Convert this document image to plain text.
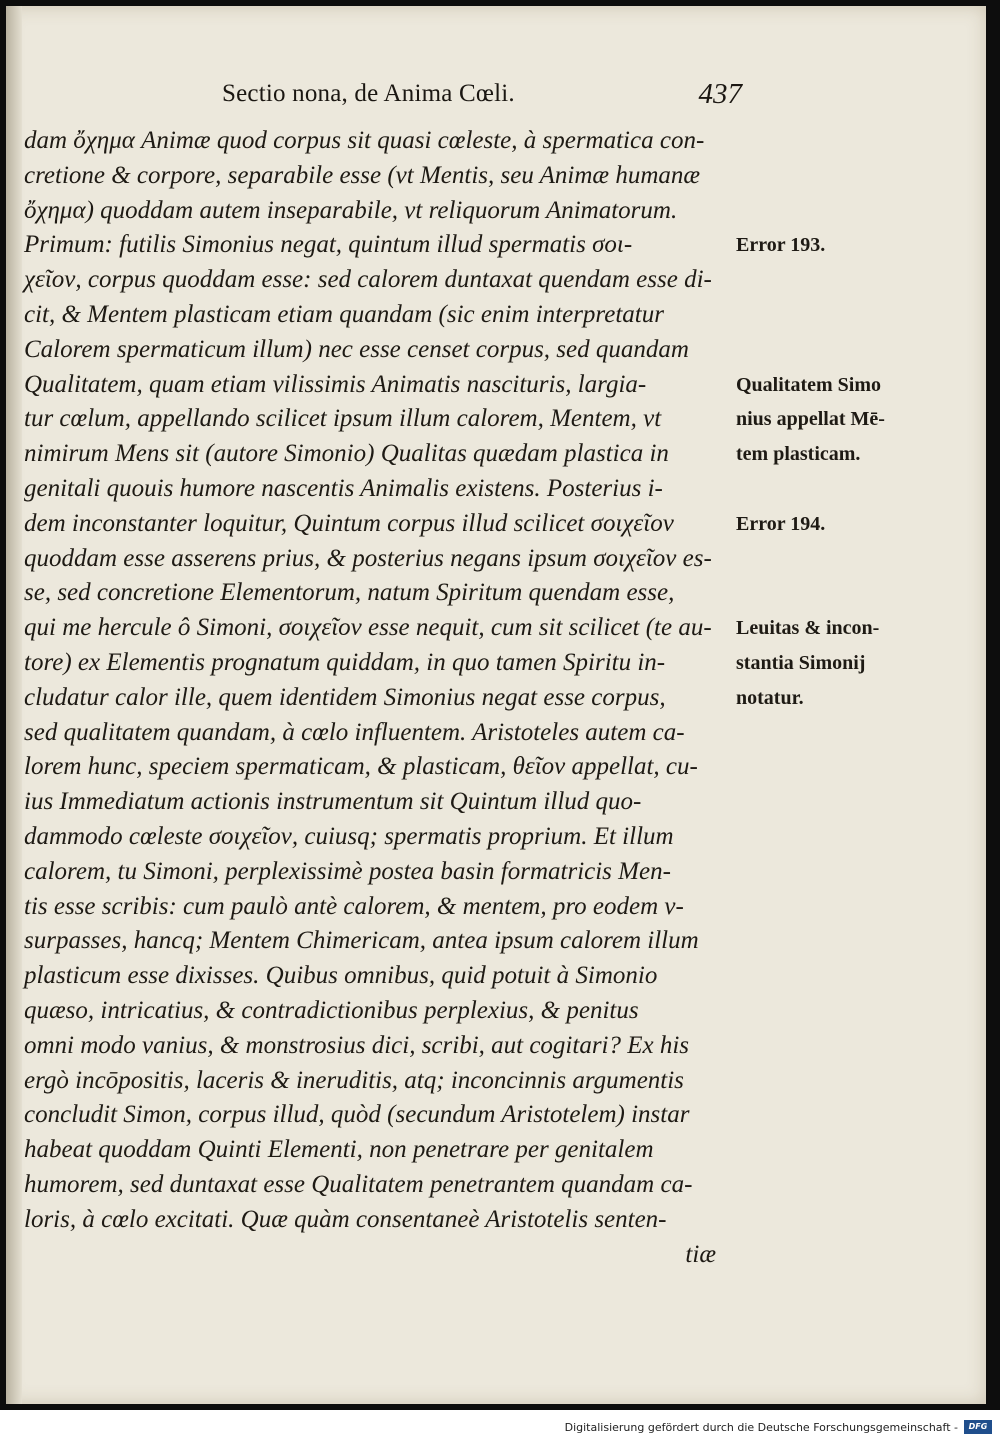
Sectio nona, de Anima Cœli.	437
dam ὄχημα Animæ quod corpus sit quasi cœleste, à spermatica con-
cretione & corpore, separabile esse (vt Mentis, seu Animæ humanæ
ὄχημα) quoddam autem inseparabile, vt reliquorum Animatorum.
Primum: futilis Simonius negat, quintum illud spermatis σοι-
χεῖον, corpus quoddam esse: sed calorem duntaxat quendam esse di-
cit, & Mentem plasticam etiam quandam (sic enim interpretatur
Calorem spermaticum illum) nec esse censet corpus, sed quandam
Qualitatem, quam etiam vilissimis Animatis nascituris, largia-
tur cœlum, appellando scilicet ipsum illum calorem, Mentem, vt
nimirum Mens sit (autore Simonio) Qualitas quædam plastica in
genitali quouis humore nascentis Animalis existens. Posterius i-
dem inconstanter loquitur, Quintum corpus illud scilicet σοιχεῖον
quoddam esse asserens prius, & posterius negans ipsum σοιχεῖον es-
se, sed concretione Elementorum, natum Spiritum quendam esse,
qui me hercule ô Simoni, σοιχεῖον esse nequit, cum sit scilicet (te au-
tore) ex Elementis prognatum quiddam, in quo tamen Spiritu in-
cludatur calor ille, quem identidem Simonius negat esse corpus,
sed qualitatem quandam, à cœlo influentem. Aristoteles autem ca-
lorem hunc, speciem spermaticam, & plasticam, θεῖον appellat, cu-
ius Immediatum actionis instrumentum sit Quintum illud quo-
dammodo cœleste σοιχεῖον, cuiusq; spermatis proprium. Et illum
calorem, tu Simoni, perplexissimè postea basin formatricis Men-
tis esse scribis: cum paulò antè calorem, & mentem, pro eodem v-
surpasses, hancq; Mentem Chimericam, antea ipsum calorem illum
plasticum esse dixisses. Quibus omnibus, quid potuit à Simonio
quæso, intricatius, & contradictionibus perplexius, & penitus
omni modo vanius, & monstrosius dici, scribi, aut cogitari? Ex his
ergò incōpositis, laceris & ineruditis, atq; inconcinnis argumentis
concludit Simon, corpus illud, quòd (secundum Aristotelem) instar
habeat quoddam Quinti Elementi, non penetrare per genitalem
humorem, sed duntaxat esse Qualitatem penetrantem quandam ca-
loris, à cœlo excitati. Quæ quàm consentaneè Aristotelis senten-
tiæ
Error 193.
Qualitatem Simo
nius appellat Mē-
tem plasticam.
Error 194.
Leuitas & incon-
stantia Simonij
notatur.
Digitalisierung gefördert durch die Deutsche Forschungsgemeinschaft -	DFG
